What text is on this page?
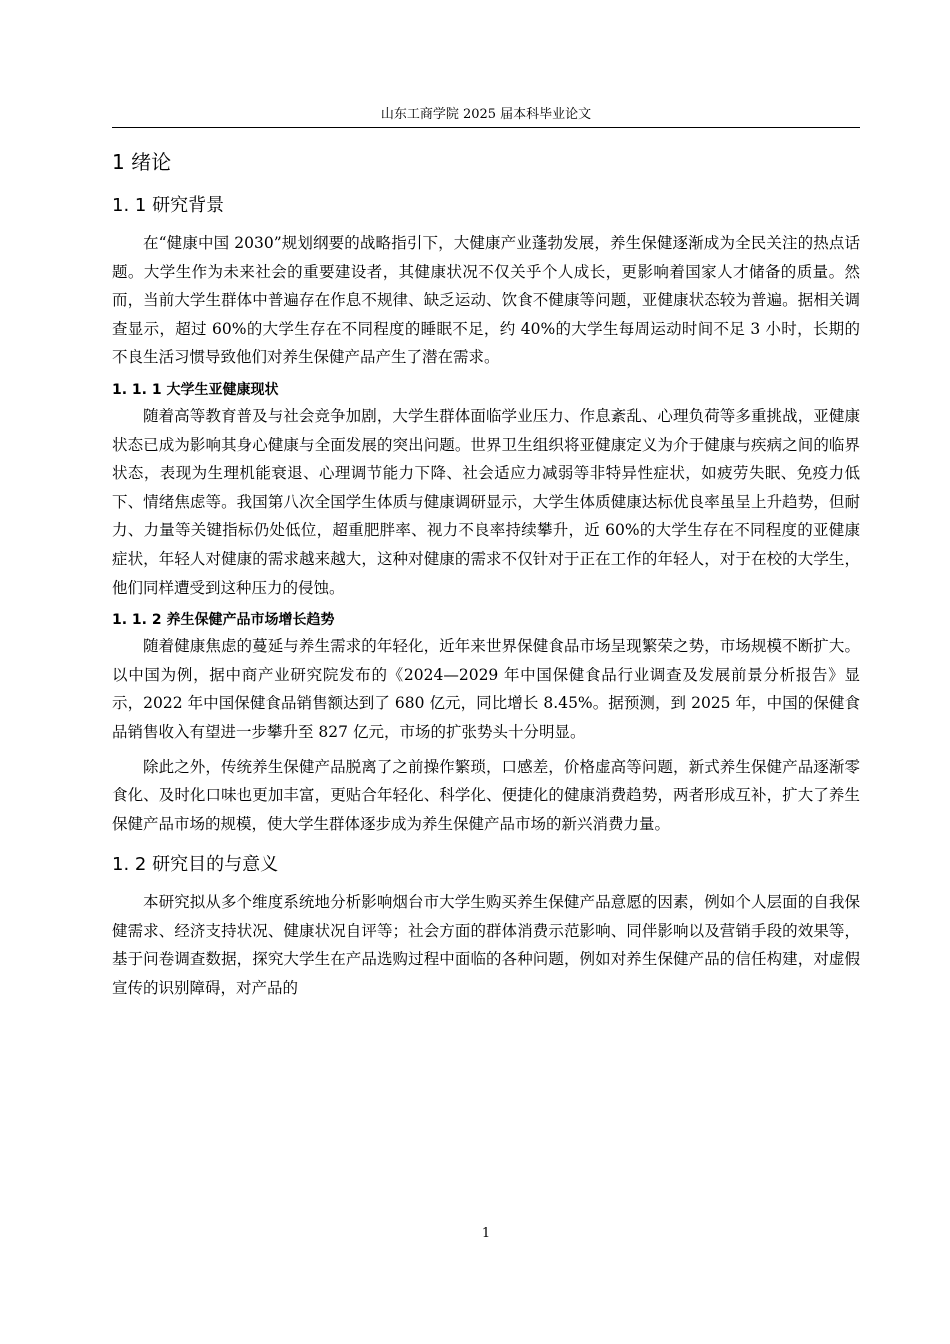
山东工商学院 2025 届本科毕业论文
1 绪论
1. 1 研究背景

在“健康中国 2030”规划纲要的战略指引下，大健康产业蓬勃发展，养生保健逐渐成为全民关注的热点话题。大学生作为未来社会的重要建设者，其健康状况不仅关乎个人成长，更影响着国家人才储备的质量。然而，当前大学生群体中普遍存在作息不规律、缺乏运动、饮食不健康等问题，亚健康状态较为普遍。据相关调查显示，超过 60%的大学生存在不同程度的睡眠不足，约 40%的大学生每周运动时间不足 3 小时，长期的不良生活习惯导致他们对养生保健产品产生了潜在需求。

1. 1. 1 大学生亚健康现状

随着高等教育普及与社会竞争加剧，大学生群体面临学业压力、作息紊乱、心理负荷等多重挑战，亚健康状态已成为影响其身心健康与全面发展的突出问题。世界卫生组织将亚健康定义为介于健康与疾病之间的临界状态，表现为生理机能衰退、心理调节能力下降、社会适应力减弱等非特异性症状，如疲劳失眠、免疫力低下、情绪焦虑等。我国第八次全国学生体质与健康调研显示，大学生体质健康达标优良率虽呈上升趋势，但耐力、力量等关键指标仍处低位，超重肥胖率、视力不良率持续攀升，近 60%的大学生存在不同程度的亚健康症状，年轻人对健康的需求越来越大，这种对健康的需求不仅针对于正在工作的年轻人，对于在校的大学生，他们同样遭受到这种压力的侵蚀。

1. 1. 2 养生保健产品市场增长趋势

随着健康焦虑的蔓延与养生需求的年轻化，近年来世界保健食品市场呈现繁荣之势，市场规模不断扩大。以中国为例，据中商产业研究院发布的《2024—2029 年中国保健食品行业调查及发展前景分析报告》显示，2022 年中国保健食品销售额达到了 680 亿元，同比增长 8.45%。据预测，到 2025 年，中国的保健食品销售收入有望进一步攀升至 827 亿元，市场的扩张势头十分明显。

除此之外，传统养生保健产品脱离了之前操作繁琐，口感差，价格虚高等问题，新式养生保健产品逐渐零食化、及时化口味也更加丰富，更贴合年轻化、科学化、便捷化的健康消费趋势，两者形成互补，扩大了养生保健产品市场的规模，使大学生群体逐步成为养生保健产品市场的新兴消费力量。

1. 2 研究目的与意义

本研究拟从多个维度系统地分析影响烟台市大学生购买养生保健产品意愿的因素，例如个人层面的自我保健需求、经济支持状况、健康状况自评等；社会方面的群体消费示范影响、同伴影响以及营销手段的效果等，基于问卷调查数据，探究大学生在产品选购过程中面临的各种问题，例如对养生保健产品的信任构建，对虚假宣传的识别障碍，对产品的

1
